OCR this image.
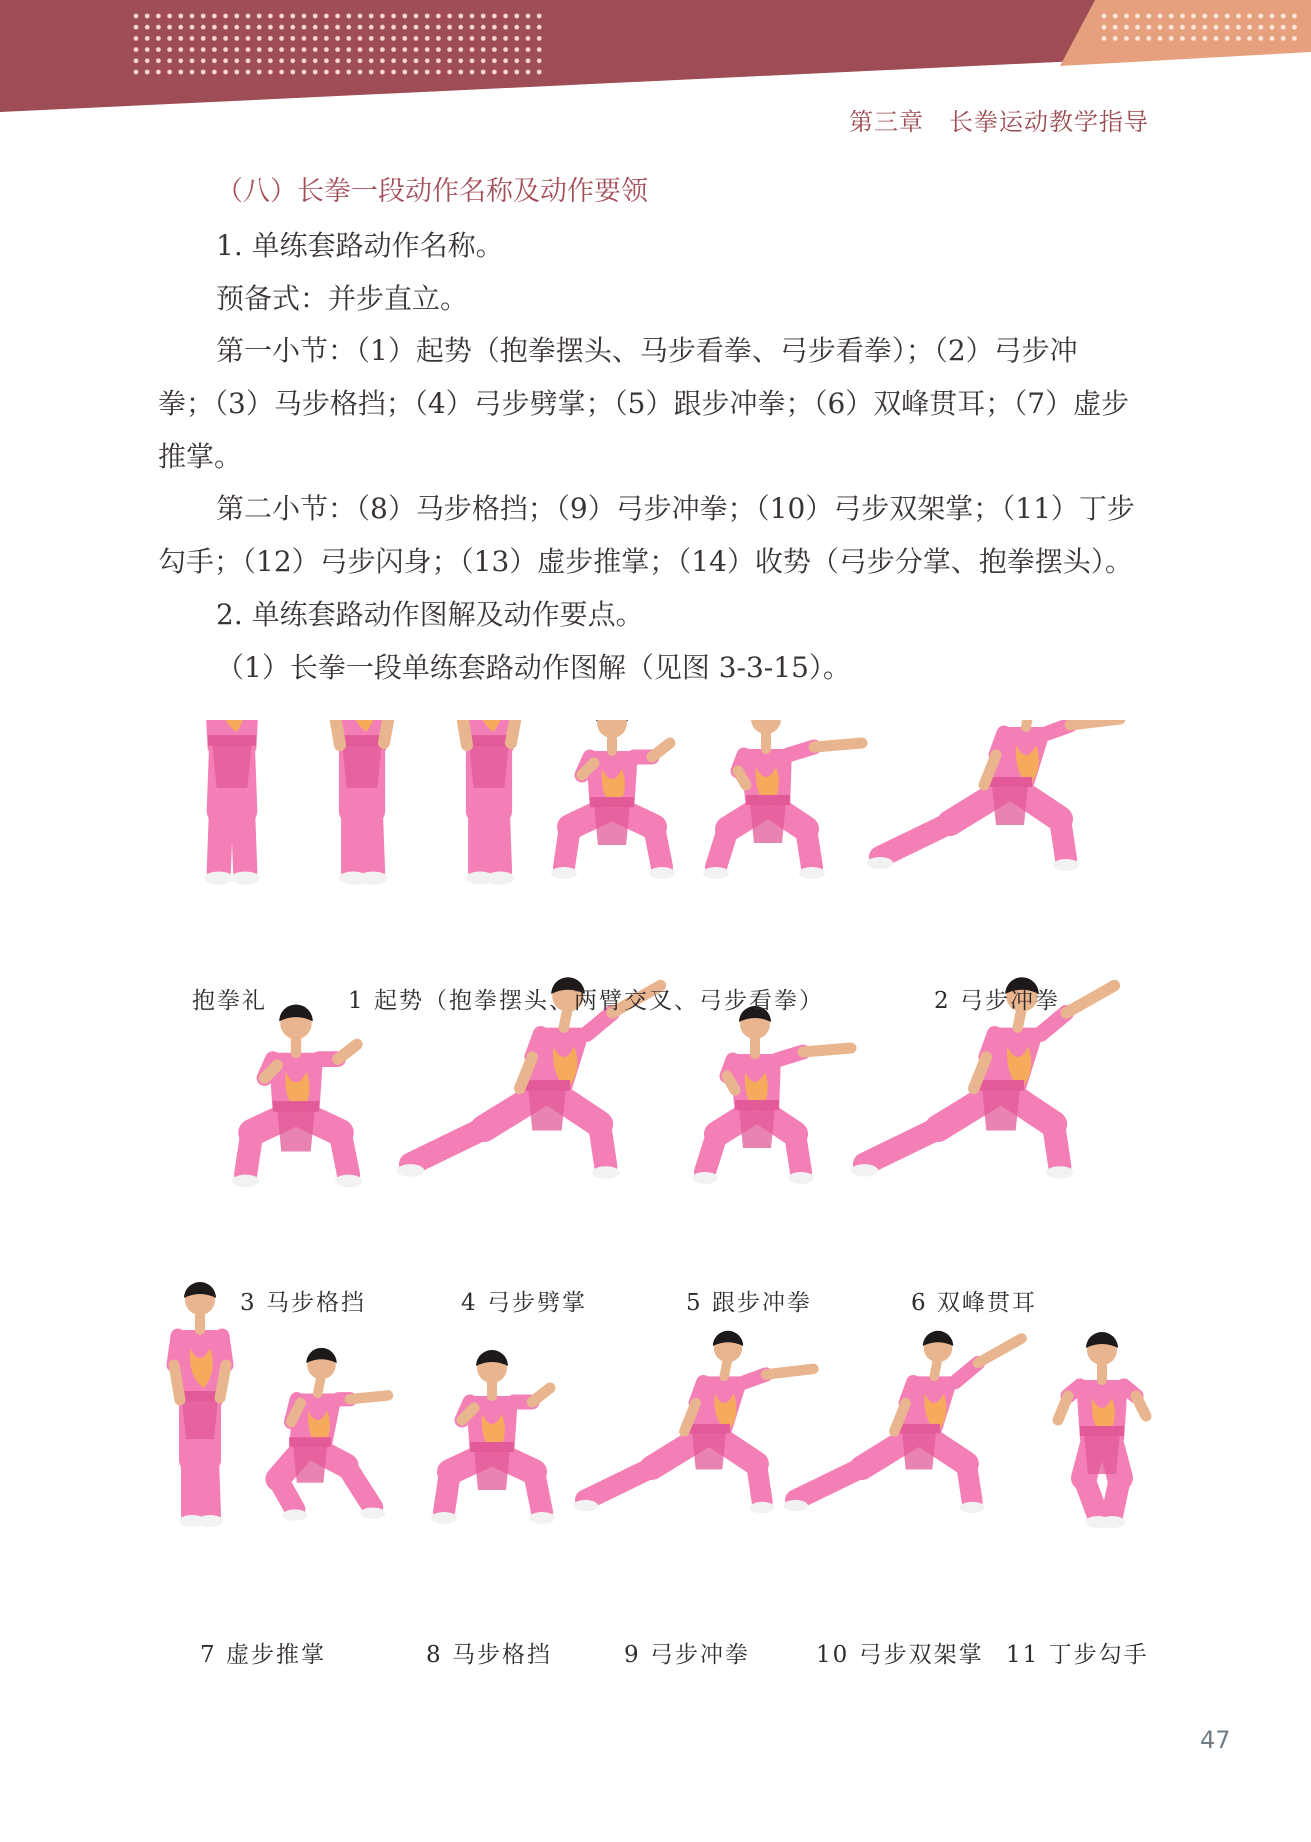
第三章　长拳运动教学指导
（八）长拳一段动作名称及动作要领
1. 单练套路动作名称。
预备式：并步直立。
第一小节：（1）起势（抱拳摆头、马步看拳、弓步看拳）；（2）弓步冲
拳；（3）马步格挡；（4）弓步劈掌；（5）跟步冲拳；（6）双峰贯耳；（7）虚步
推掌。
第二小节：（8）马步格挡；（9）弓步冲拳；（10）弓步双架掌；（11）丁步
勾手；（12）弓步闪身；（13）虚步推掌；（14）收势（弓步分掌、抱拳摆头）。
2. 单练套路动作图解及动作要点。
（1）长拳一段单练套路动作图解（见图 3-3-15）。
抱拳礼	1 起势（抱拳摆头、两臂交叉、弓步看拳）	2 弓步冲拳
3 马步格挡	4 弓步劈掌	5 跟步冲拳	6 双峰贯耳
7 虚步推掌	8 马步格挡	9 弓步冲拳	10 弓步双架掌 11 丁步勾手
47
